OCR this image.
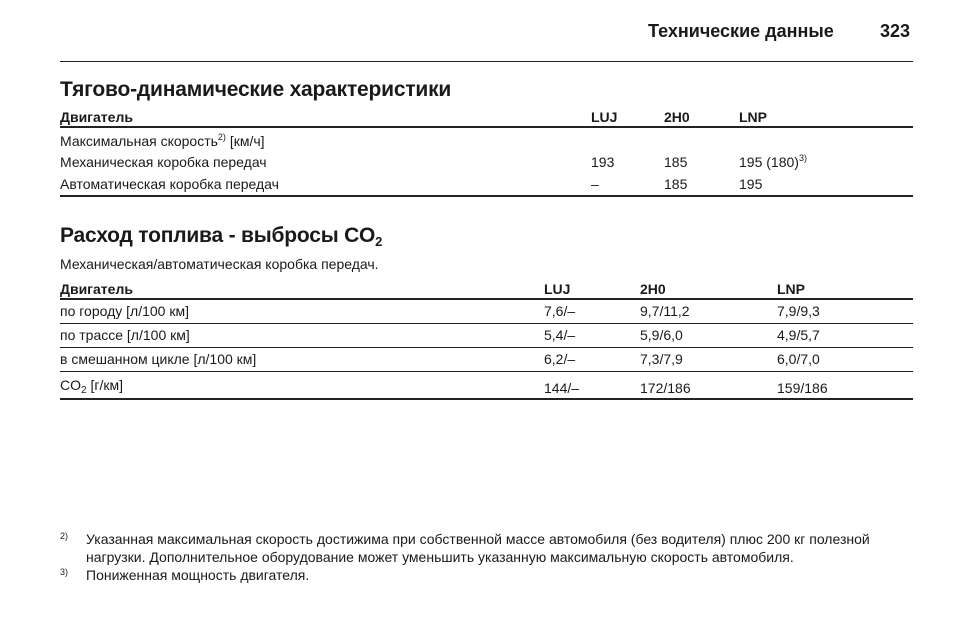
Технические данные	323
Тягово-динамические характеристики
Двигатель	LUJ	2H0	LNP
Максимальная скорость$^{2)}$ [км/ч]			
Механическая коробка передач	193	185	195 $(180)^{3)}$
Автоматическая коробка передач	–	185	195
Расход топлива - выбросы $CO_2$
Механическая/автоматическая коробка передач.
Двигатель	LUJ	2H0	LNP
по городу [л/100 км]	7,6/–	9,7/11,2	7,9/9,3
по трассе [л/100 км]	5,4/–	5,9/6,0	4,9/5,7
в смешанном цикле [л/100 км]	6,2/–	7,3/7,9	6,0/7,0
$CO_2$ [г/км]	144/–	172/186	159/186
2) Указанная максимальная скорость достижима при собственной массе автомобиля (без водителя) плюс 200 кг полезной нагрузки. Дополнительное оборудование может уменьшить указанную максимальную скорость автомобиля.
3) Пониженная мощность двигателя.
